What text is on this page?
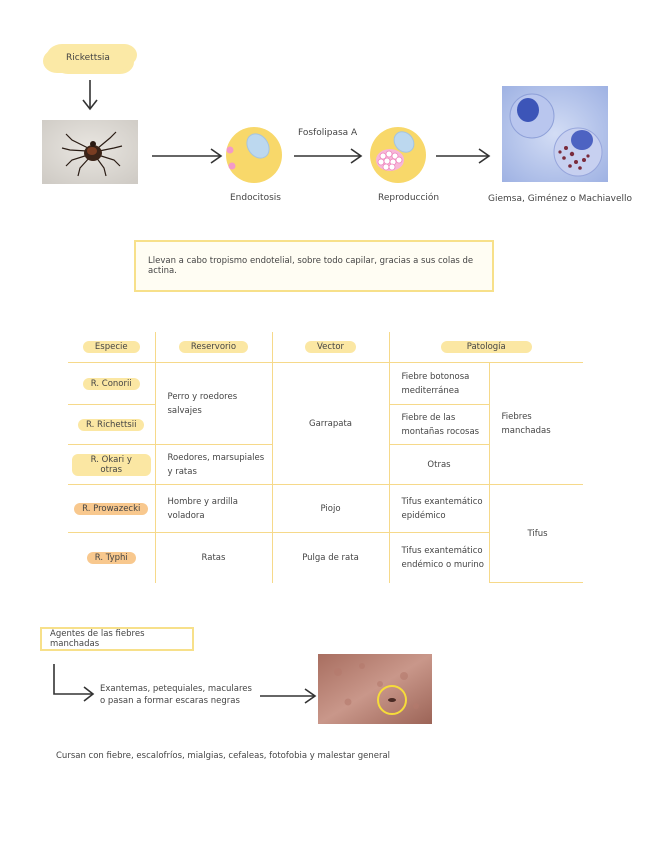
Rickettsia
Endocitosis
Fosfolipasa A
Reproducción	Giemsa, Giménez o Machiavello
Llevan a cabo tropismo endotelial, sobre todo capilar, gracias a sus colas de actina.
Especie	Reservorio	Vector	Patología	
R. Conorii	Perro y roedores salvajes	Garrapata	Fiebre botonosa mediterránea	Fiebres manchadas
R. Richettsii			Fiebre de las montañas rocosas	
R. Okari y otras	Roedores, marsupiales y ratas		Otras	
R. Prowazecki	Hombre y ardilla voladora	Piojo	Tifus exantemático epidémico	Tifus
R. Typhi	Ratas	Pulga de rata	Tifus exantemático endémico o murino	
Agentes de las fiebres manchadas
Exantemas, petequiales, maculares o pasan a formar escaras negras
Cursan con fiebre, escalofríos, mialgias, cefaleas, fotofobia y malestar general
